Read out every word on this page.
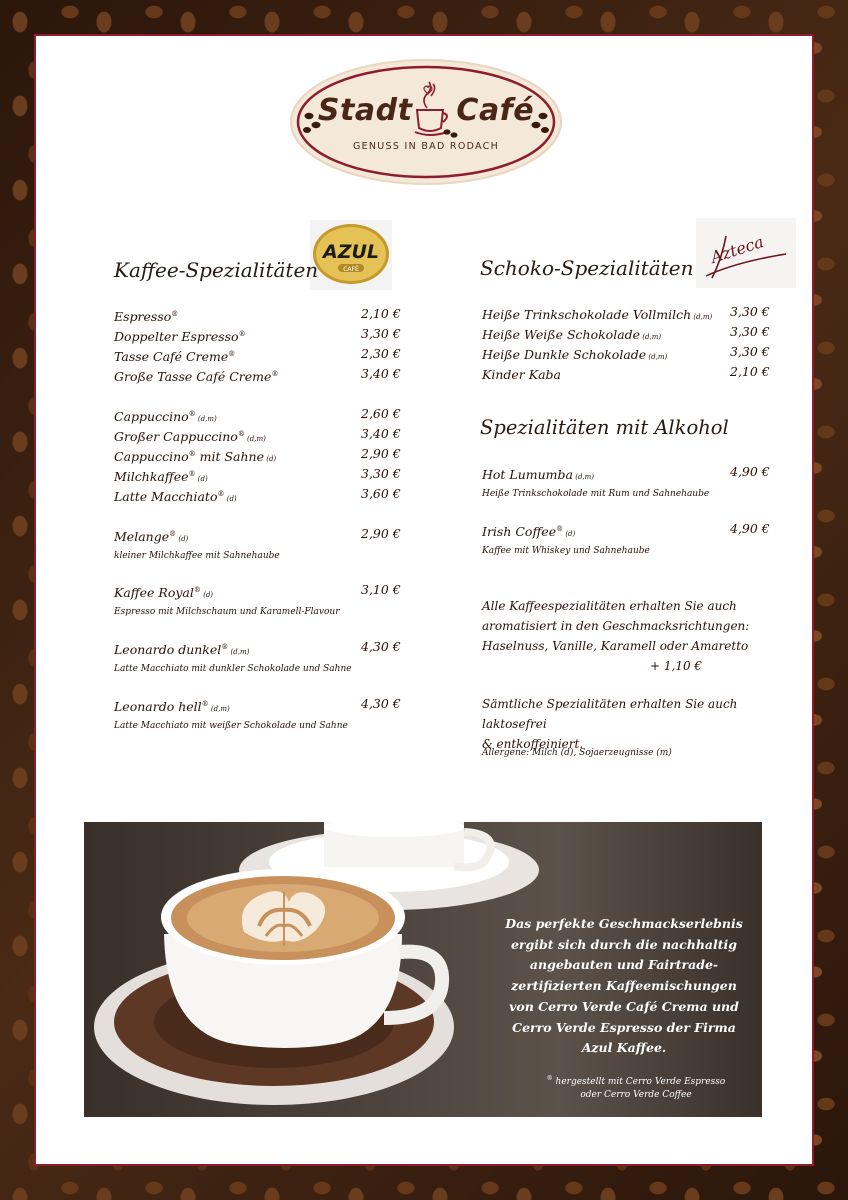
Stadt Café
GENUSS IN BAD RODACH
AZUL
CAFÉ
Azteca
Kaffee-Spezialitäten	Schoko-Spezialitäten
Spezialitäten mit Alkohol
Espresso®	2,10 €
Doppelter Espresso®	3,30 €
Tasse Café Creme®	2,30 €
Große Tasse Café Creme®	3,40 €
Cappuccino® (d,m)	2,60 €
Großer Cappuccino® (d,m)	3,40 €
Cappuccino® mit Sahne (d)	2,90 €
Milchkaffee® (d)	3,30 €
Latte Macchiato® (d)	3,60 €
Melange® (d)	2,90 €
kleiner Milchkaffee mit Sahnehaube
Kaffee Royal® (d)	3,10 €
Espresso mit Milchschaum und Karamell-Flavour
Leonardo dunkel® (d,m)	4,30 €
Latte Macchiato mit dunkler Schokolade und Sahne
Leonardo hell® (d,m)	4,30 €
Latte Macchiato mit weißer Schokolade und Sahne
Heiße Trinkschokolade Vollmilch (d,m) 3,30 €
Heiße Weiße Schokolade (d,m)	3,30 €
Heiße Dunkle Schokolade (d,m)	3,30 €
Kinder Kaba	2,10 €
Hot Lumumba (d,m)	4,90 €
Heiße Trinkschokolade mit Rum und Sahnehaube
Irish Coffee® (d)	4,90 €
Kaffee mit Whiskey und Sahnehaube
Alle Kaffeespezialitäten erhalten Sie auch
aromatisiert in den Geschmacksrichtungen:
Haselnuss, Vanille, Karamell oder Amaretto
+ 1,10 €
Sämtliche Spezialitäten erhalten Sie auch laktosefrei
& entkoffeiniert.
Allergene: Milch (d), Sojaerzeugnisse (m)
Das perfekte Geschmackserlebnis
ergibt sich durch die nachhaltig
angebauten und Fairtrade-
zertifizierten Kaffeemischungen
von Cerro Verde Café Crema und
Cerro Verde Espresso der Firma
Azul Kaffee.
® hergestellt mit Cerro Verde Espresso
oder Cerro Verde Coffee
